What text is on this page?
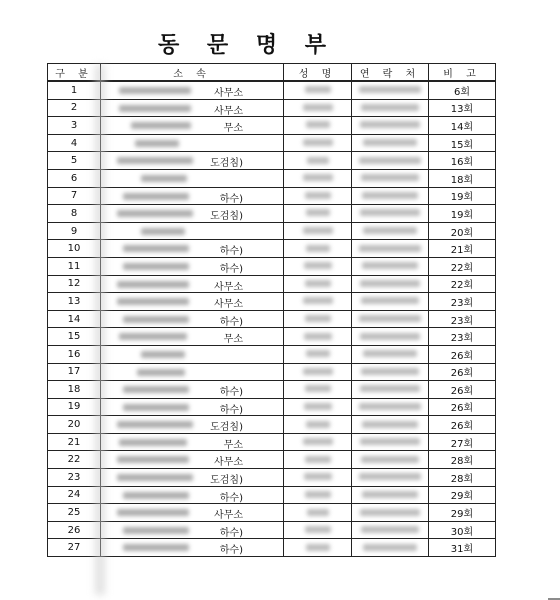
동 문 명 부
구 분	소 속	성 명	연 락 처	비 고
1	사무소			6회
2	사무소			13회
3	무소			14회
4				15회
5	도검침)			16회
6				18회
7	하수)			19회
8	도검침)			19회
9				20회
10	하수)			21회
11	하수)			22회
12	사무소			22회
13	사무소			23회
14	하수)			23회
15	무소			23회
16				26회
17				26회
18	하수)			26회
19	하수)			26회
20	도검침)			26회
21	무소			27회
22	사무소			28회
23	도검침)			28회
24	하수)			29회
25	사무소			29회
26	하수)			30회
27	하수)			31회
